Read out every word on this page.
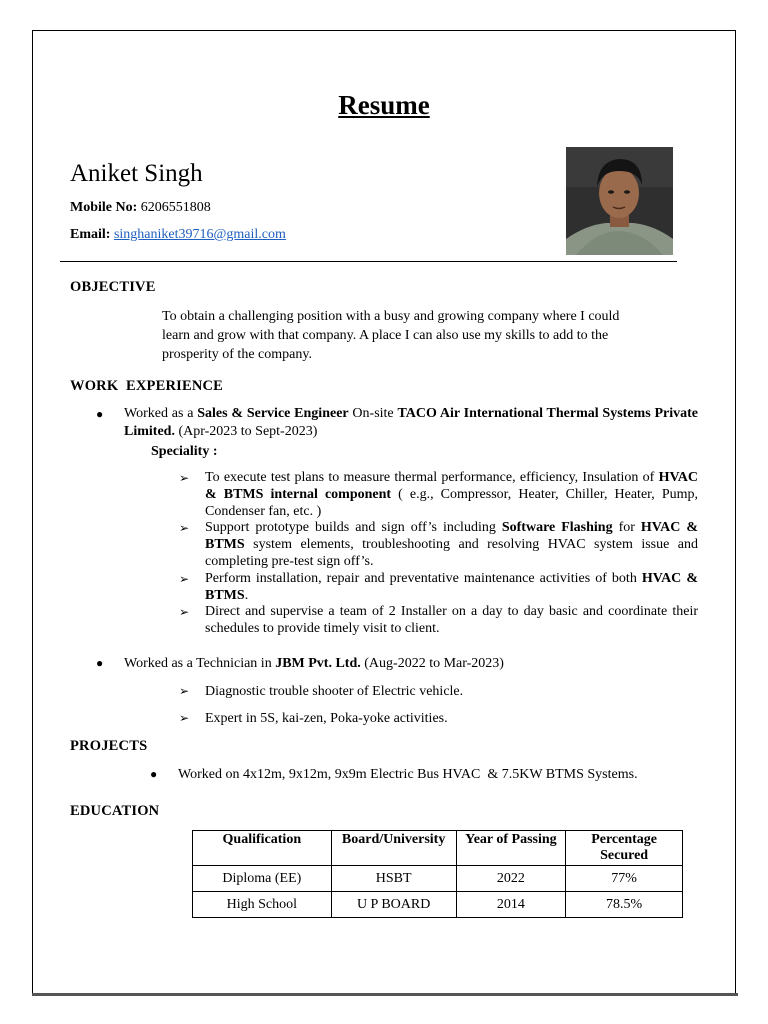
Resume
Aniket Singh
Mobile No: 6206551808
Email: singhaniket39716@gmail.com
OBJECTIVE
To obtain a challenging position with a busy and growing company where I could
learn and grow with that company. A place I can also use my skills to add to the
prosperity of the company.
WORK  EXPERIENCE
● Worked as a Sales & Service Engineer On-site TACO Air International Thermal Systems Private Limited. (Apr-2023 to Sept-2023)
Speciality :
➢ To execute test plans to measure thermal performance, efficiency, Insulation of HVAC & BTMS internal component ( e.g., Compressor, Heater, Chiller, Heater, Pump, Condenser fan, etc. )
➢ Support prototype builds and sign off’s including Software Flashing for HVAC & BTMS system elements, troubleshooting and resolving HVAC system issue and completing pre-test sign off’s.
➢ Perform installation, repair and preventative maintenance activities of both HVAC & BTMS.
➢ Direct and supervise a team of 2 Installer on a day to day basic and coordinate their schedules to provide timely visit to client.
● Worked as a Technician in JBM Pvt. Ltd. (Aug-2022 to Mar-2023)
➢ Diagnostic trouble shooter of Electric vehicle.
➢ Expert in 5S, kai-zen, Poka-yoke activities.
PROJECTS
● Worked on 4x12m, 9x12m, 9x9m Electric Bus HVAC  & 7.5KW BTMS Systems.
EDUCATION
Qualification	Board/University	Year of Passing	Percentage Secured
Diploma (EE)	HSBT	2022	77%
High School	U P BOARD	2014	78.5%
